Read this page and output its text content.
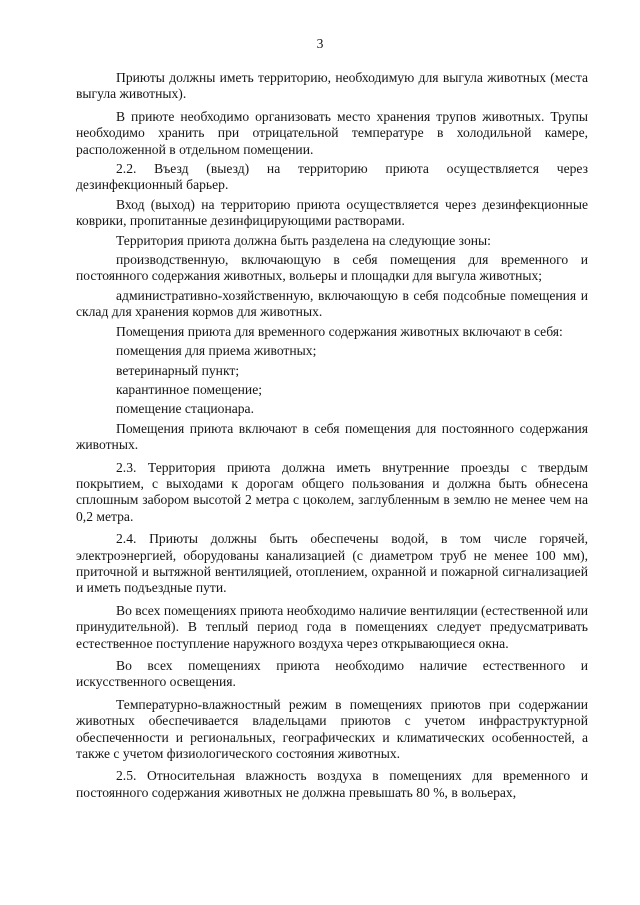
3

Приюты должны иметь территорию, необходимую для выгула животных (места выгула животных).

В приюте необходимо организовать место хранения трупов животных. Трупы необходимо хранить при отрицательной температуре в холодильной камере, расположенной в отдельном помещении.

2.2. Въезд (выезд) на территорию приюта осуществляется через дезинфекционный барьер.

Вход (выход) на территорию приюта осуществляется через дезинфекционные коврики, пропитанные дезинфицирующими растворами.

Территория приюта должна быть разделена на следующие зоны:

производственную, включающую в себя помещения для временного и постоянного содержания животных, вольеры и площадки для выгула животных;

административно-хозяйственную, включающую в себя подсобные помещения и склад для хранения кормов для животных.

Помещения приюта для временного содержания животных включают в себя:

помещения для приема животных;

ветеринарный пункт;

карантинное помещение;

помещение стационара.

Помещения приюта включают в себя помещения для постоянного содержания животных.

2.3. Территория приюта должна иметь внутренние проезды с твердым покрытием, с выходами к дорогам общего пользования и должна быть обнесена сплошным забором высотой 2 метра с цоколем, заглубленным в землю не менее чем на 0,2 метра.

2.4. Приюты должны быть обеспечены водой, в том числе горячей, электроэнергией, оборудованы канализацией (с диаметром труб не менее 100 мм), приточной и вытяжной вентиляцией, отоплением, охранной и пожарной сигнализацией и иметь подъездные пути.

Во всех помещениях приюта необходимо наличие вентиляции (естественной или принудительной). В теплый период года в помещениях следует предусматривать естественное поступление наружного воздуха через открывающиеся окна.

Во всех помещениях приюта необходимо наличие естественного и искусственного освещения.

Температурно-влажностный режим в помещениях приютов при содержании животных обеспечивается владельцами приютов с учетом инфраструктурной обеспеченности и региональных, географических и климатических особенностей, а также с учетом физиологического состояния животных.

2.5. Относительная влажность воздуха в помещениях для временного и постоянного содержания животных не должна превышать 80 %, в вольерах,
